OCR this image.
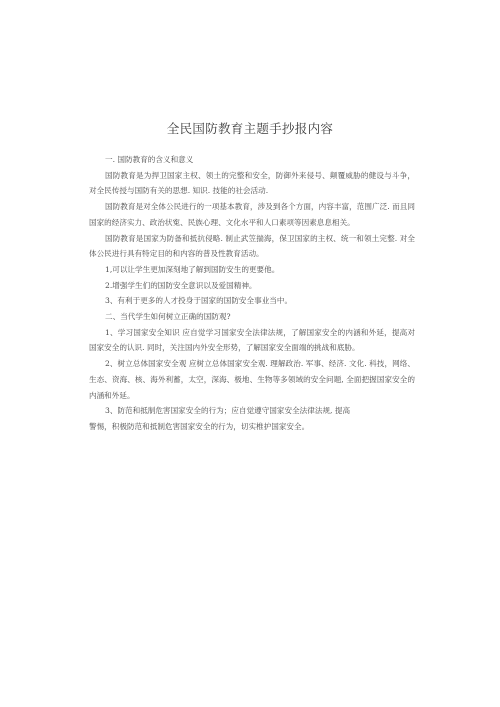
全民国防教育主题手抄报内容

一. 国防教育的含义和意义

国防教育是为捍卫国家主权、领土的完整和安全，防御外来侵号、颠覆威胁的健设与斗争，对全民传授与国防有关的思想. 知识. 技能的社会活动.

国防教育是对全体公民进行的一项基本教育，涉及到各个方面，内容丰富，范围广泛. 而且同国家的经济实力、政治状寃、民族心理、文化水平和人口素项等因素息息相关。

国防教育是国家为防备和抵抗侵略. 制止武笠揣海，保卫国家的主权、统一和领土完整. 对全体公民进行具有特定目的和内容的普及性教育活动。

1,可以让学生更加深刻地了解到国防安生的更要他。

2.增强学生们的国防安全意识以及爱国精神。

3、有利于更多的人才投身于国家的国防安全事业当中。

二、当代学生如何树立正确的国防观?

1、学习国家安全知识 应自觉学习国家安全法律法规，了解国家安全的内涵和外延，提高对国家安全的认识. 同时，关注国内外安全形势，了解国家安全面端的挑战和底胁。

2、树立总体国家安全观 应树立总体国家安全观. 理解政治. 军事、经济. 文化. 科技，网络、生态、资海、核、海外利蓄，太空，深海、极地、生物等多领域的安全问题, 全面把握国家安全的内涵和外延。

3、防范和抵制危害国家安全的行为；应自觉遵守国家安全法律法规, 提高

警惕，积极防范和抵制危害国家安全的行为，切实椎护国家安全。
